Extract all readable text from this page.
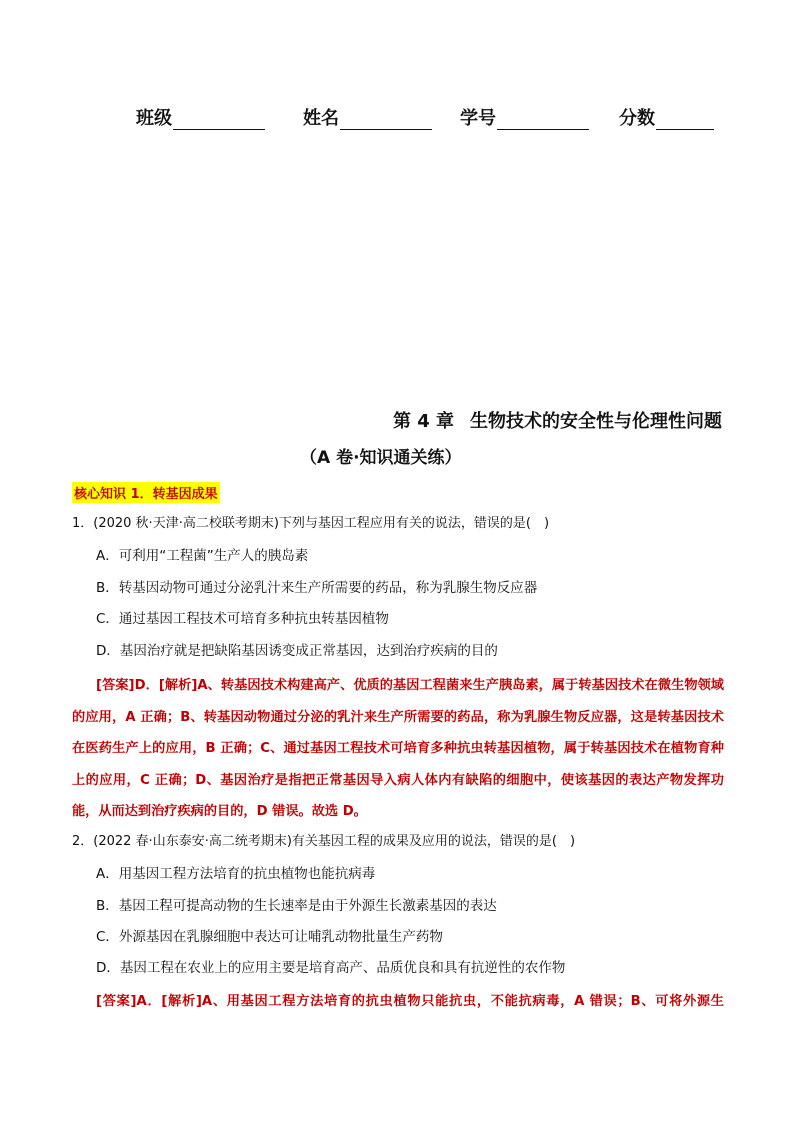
班级	姓名	学号	分数
第 4 章 生物技术的安全性与伦理性问题
（A 卷·知识通关练）
核心知识 1．转基因成果
1．(2020 秋·天津·高二校联考期末)下列与基因工程应用有关的说法，错误的是(　)
A．可利用“工程菌”生产人的胰岛素
B．转基因动物可通过分泌乳汁来生产所需要的药品，称为乳腺生物反应器
C．通过基因工程技术可培育多种抗虫转基因植物
D．基因治疗就是把缺陷基因诱变成正常基因，达到治疗疾病的目的
[答案]D．[解析]A、转基因技术构建高产、优质的基因工程菌来生产胰岛素，属于转基因技术在微生物领域的应用，A 正确；B、转基因动物通过分泌的乳汁来生产所需要的药品，称为乳腺生物反应器，这是转基因技术在医药生产上的应用，B 正确；C、通过基因工程技术可培育多种抗虫转基因植物，属于转基因技术在植物育种上的应用，C 正确；D、基因治疗是指把正常基因导入病人体内有缺陷的细胞中，使该基因的表达产物发挥功能，从而达到治疗疾病的目的，D 错误。故选 D。
2．(2022 春·山东泰安·高二统考期末)有关基因工程的成果及应用的说法，错误的是(　)
A．用基因工程方法培育的抗虫植物也能抗病毒
B．基因工程可提高动物的生长速率是由于外源生长激素基因的表达
C．外源基因在乳腺细胞中表达可让哺乳动物批量生产药物
D．基因工程在农业上的应用主要是培育高产、品质优良和具有抗逆性的农作物
[答案]A．[解析]A、用基因工程方法培育的抗虫植物只能抗虫，不能抗病毒，A 错误；B、可将外源生
